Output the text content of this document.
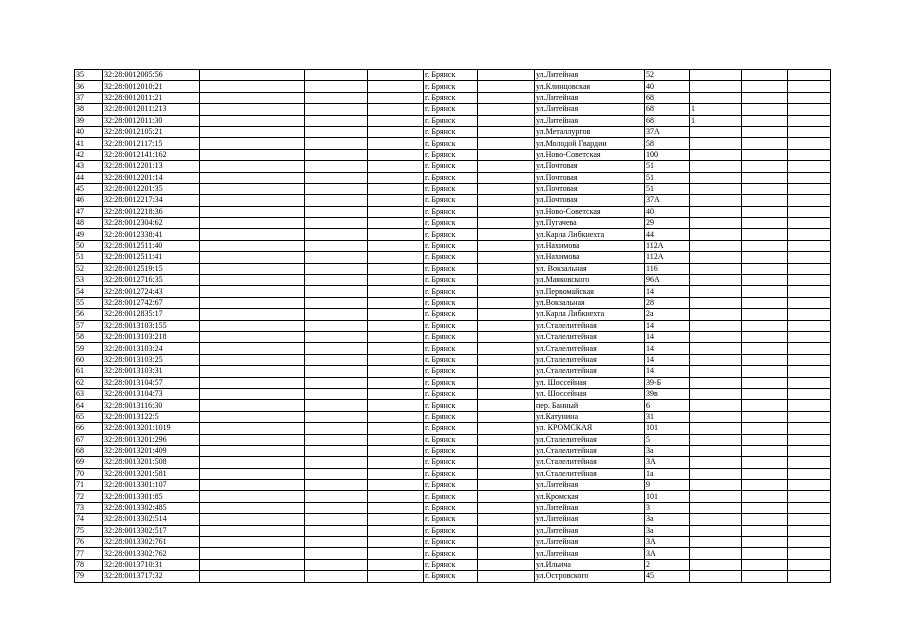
35	32:28:0012005:56				г. Брянск		ул.Литейная	52			
36	32:28:0012010:21				г. Брянск		ул.Клинцовская	40			
37	32:28:0012011:21				г. Брянск		ул.Литейная	68			
38	32:28:0012011:213				г. Брянск		ул.Литейная	68	1		
39	32:28:0012011:30				г. Брянск		ул.Литейная	68	1		
40	32:28:0012105:21				г. Брянск		ул.Металлургов	37А			
41	32:28:0012117:15				г. Брянск		ул.Молодой Гвардии	58			
42	32:28:0012141:162				г. Брянск		ул.Ново-Советская	100			
43	32:28:0012201:13				г. Брянск		ул.Почтовая	51			
44	32:28:0012201:14				г. Брянск		ул.Почтовая	51			
45	32:28:0012201:35				г. Брянск		ул.Почтовая	51			
46	32:28:0012217:34				г. Брянск		ул.Почтовая	37А			
47	32:28:0012218:36				г. Брянск		ул.Ново-Советская	40			
48	32:28:0012304:62				г. Брянск		ул.Пугачева	29			
49	32:28:0012338:41				г. Брянск		ул.Карла Либкнехта	44			
50	32:28:0012511:40				г. Брянск		ул.Нахимова	112А			
51	32:28:0012511:41				г. Брянск		ул.Нахимова	112А			
52	32:28:0012519:15				г. Брянск		ул. Вокзальная	116			
53	32:28:0012716:35				г. Брянск		ул.Маяковского	96А			
54	32:28:0012724:43				г. Брянск		ул.Первомайская	14			
55	32:28:0012742:67				г. Брянск		ул.Вокзальная	28			
56	32:28:0012835:17				г. Брянск		ул.Карла Либкнехта	2а			
57	32:28:0013103:155				г. Брянск		ул.Сталелитейная	14			
58	32:28:0013103:218				г. Брянск		ул.Сталелитейная	14			
59	32:28:0013103:24				г. Брянск		ул.Сталелитейная	14			
60	32:28:0013103:25				г. Брянск		ул.Сталелитейная	14			
61	32:28:0013103:31				г. Брянск		ул.Сталелитейная	14			
62	32:28:0013104:57				г. Брянск		ул. Шоссейная	39-Б			
63	32:28:0013104:73				г. Брянск		ул. Шоссейная	39в			
64	32:28:0013116:30				г. Брянск		пер. Банный	6			
65	32:28:0013122:5				г. Брянск		ул.Катунина	31			
66	32:28:0013201:1019				г. Брянск		ул. КРОМСКАЯ	101			
67	32:28:0013201:296				г. Брянск		ул.Сталелитейная	5			
68	32:28:0013201:409				г. Брянск		ул.Сталелитейная	3а			
69	32:28:0013201:508				г. Брянск		ул.Сталелитейная	3А			
70	32:28:0013201:581				г. Брянск		ул.Сталелитейная	1а			
71	32:28:0013301:107				г. Брянск		ул.Литейная	9			
72	32:28:0013301:85				г. Брянск		ул.Кромская	101			
73	32:28:0013302:485				г. Брянск		ул.Литейная	3			
74	32:28:0013302:514				г. Брянск		ул.Литейная	3а			
75	32:28:0013302:517				г. Брянск		ул.Литейная	3а			
76	32:28:0013302:761				г. Брянск		ул.Литейная	3А			
77	32:28:0013302:762				г. Брянск		ул.Литейная	3А			
78	32:28:0013710:31				г. Брянск		ул.Ильича	2			
79	32:28:0013717:32				г. Брянск		ул.Островского	45			
